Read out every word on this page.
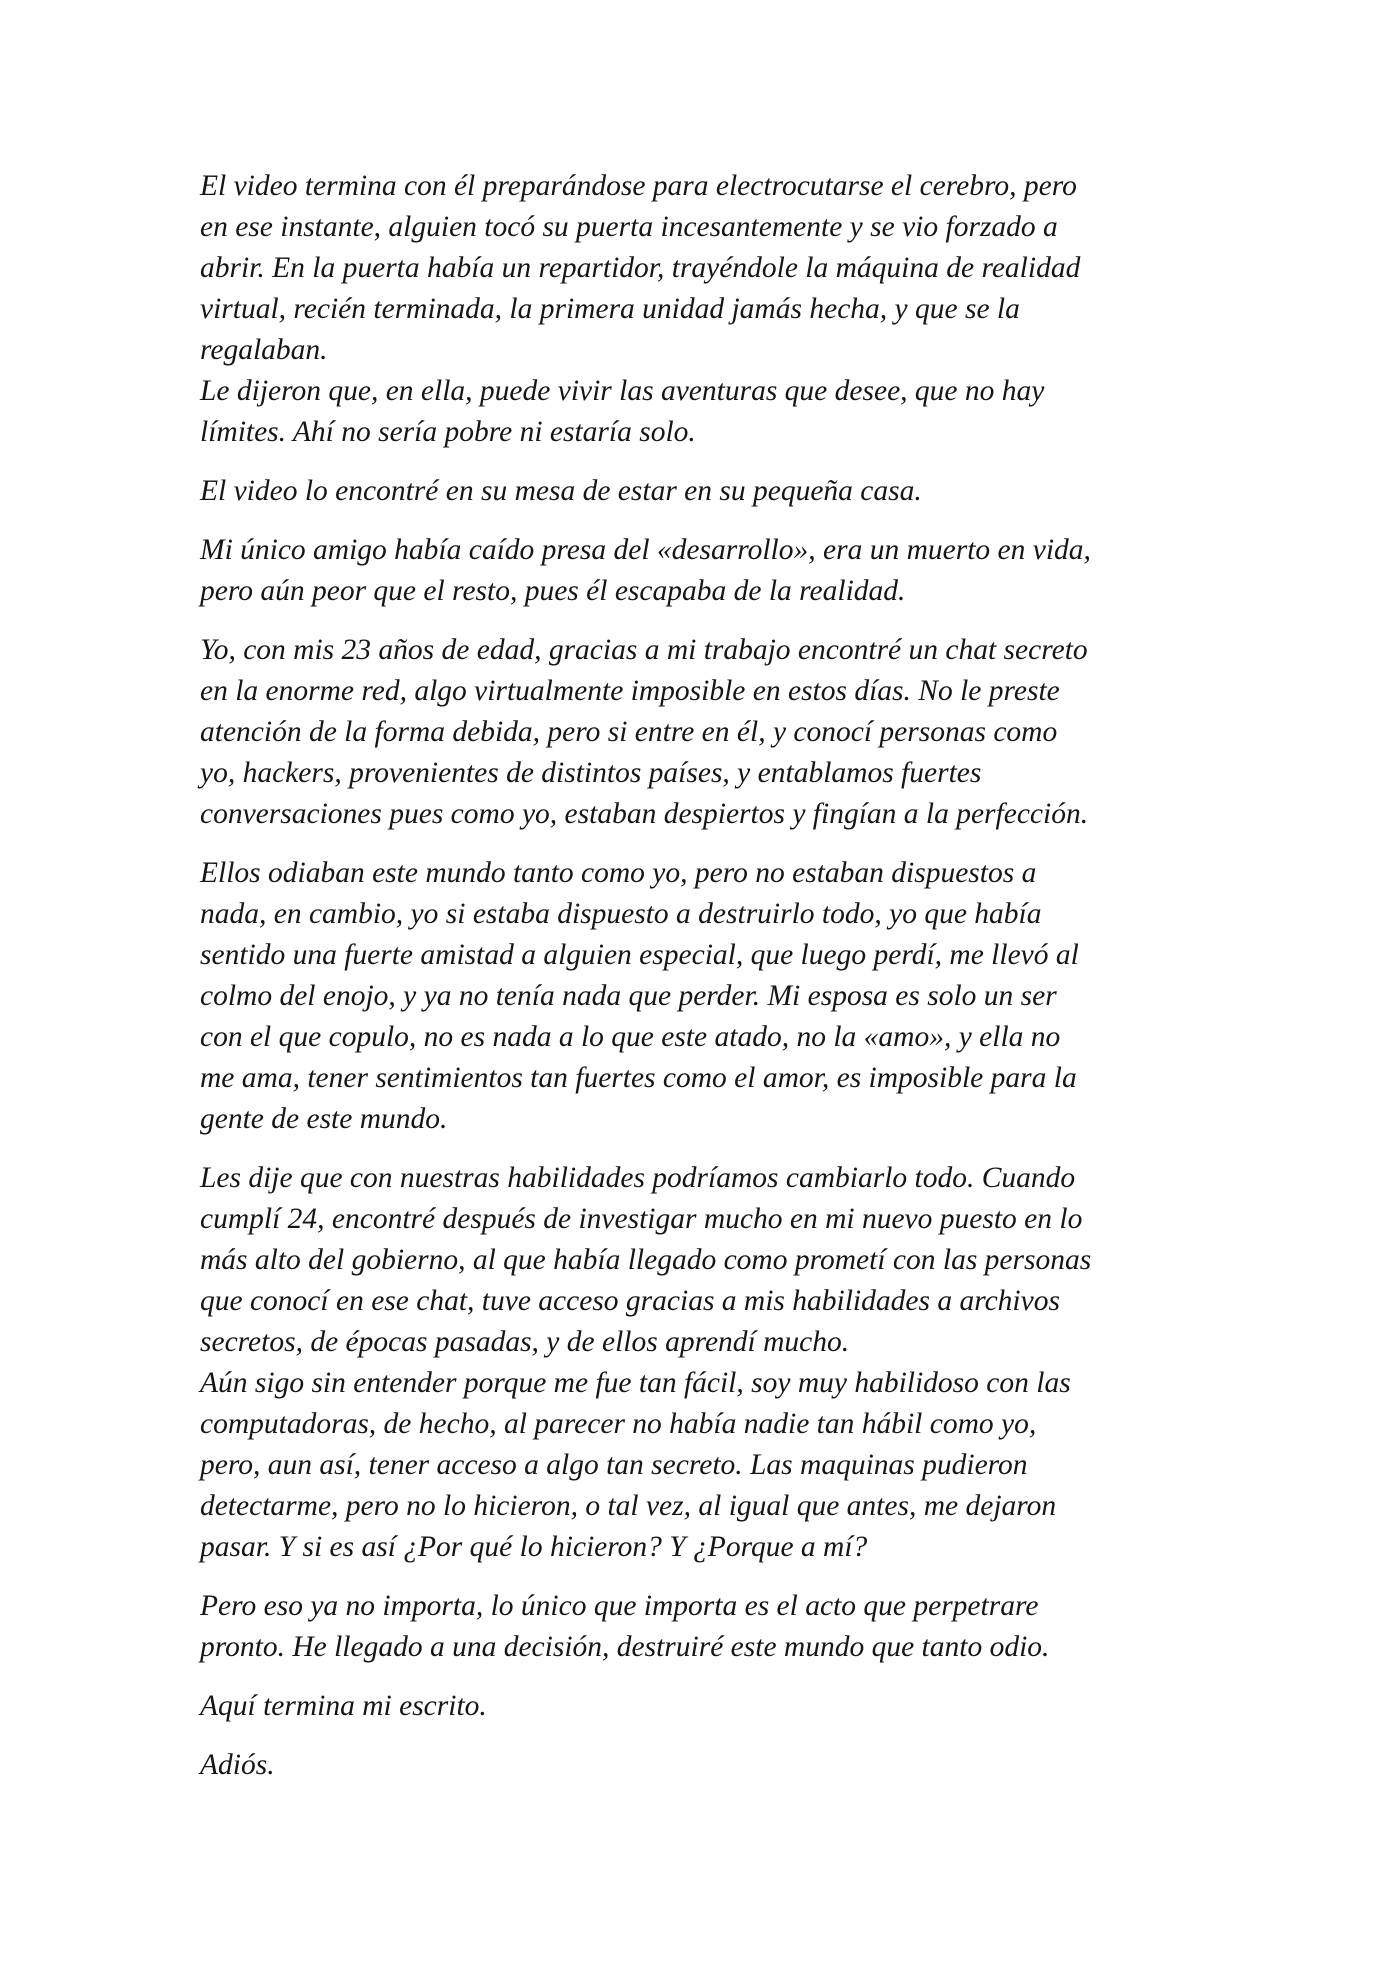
El video termina con él preparándose para electrocutarse el cerebro, pero
en ese instante, alguien tocó su puerta incesantemente y se vio forzado a
abrir. En la puerta había un repartidor, trayéndole la máquina de realidad
virtual, recién terminada, la primera unidad jamás hecha, y que se la
regalaban.
Le dijeron que, en ella, puede vivir las aventuras que desee, que no hay
límites. Ahí no sería pobre ni estaría solo.

El video lo encontré en su mesa de estar en su pequeña casa.

Mi único amigo había caído presa del «desarrollo», era un muerto en vida,
pero aún peor que el resto, pues él escapaba de la realidad.

Yo, con mis 23 años de edad, gracias a mi trabajo encontré un chat secreto
en la enorme red, algo virtualmente imposible en estos días. No le preste
atención de la forma debida, pero si entre en él, y conocí personas como
yo, hackers, provenientes de distintos países, y entablamos fuertes
conversaciones pues como yo, estaban despiertos y fingían a la perfección.

Ellos odiaban este mundo tanto como yo, pero no estaban dispuestos a
nada, en cambio, yo si estaba dispuesto a destruirlo todo, yo que había
sentido una fuerte amistad a alguien especial, que luego perdí, me llevó al
colmo del enojo, y ya no tenía nada que perder. Mi esposa es solo un ser
con el que copulo, no es nada a lo que este atado, no la «amo», y ella no
me ama, tener sentimientos tan fuertes como el amor, es imposible para la
gente de este mundo.

Les dije que con nuestras habilidades podríamos cambiarlo todo. Cuando
cumplí 24, encontré después de investigar mucho en mi nuevo puesto en lo
más alto del gobierno, al que había llegado como prometí con las personas
que conocí en ese chat, tuve acceso gracias a mis habilidades a archivos
secretos, de épocas pasadas, y de ellos aprendí mucho.
Aún sigo sin entender porque me fue tan fácil, soy muy habilidoso con las
computadoras, de hecho, al parecer no había nadie tan hábil como yo,
pero, aun así, tener acceso a algo tan secreto. Las maquinas pudieron
detectarme, pero no lo hicieron, o tal vez, al igual que antes, me dejaron
pasar. Y si es así ¿Por qué lo hicieron? Y ¿Porque a mí?

Pero eso ya no importa, lo único que importa es el acto que perpetrare
pronto. He llegado a una decisión, destruiré este mundo que tanto odio.

Aquí termina mi escrito.

Adiós.
